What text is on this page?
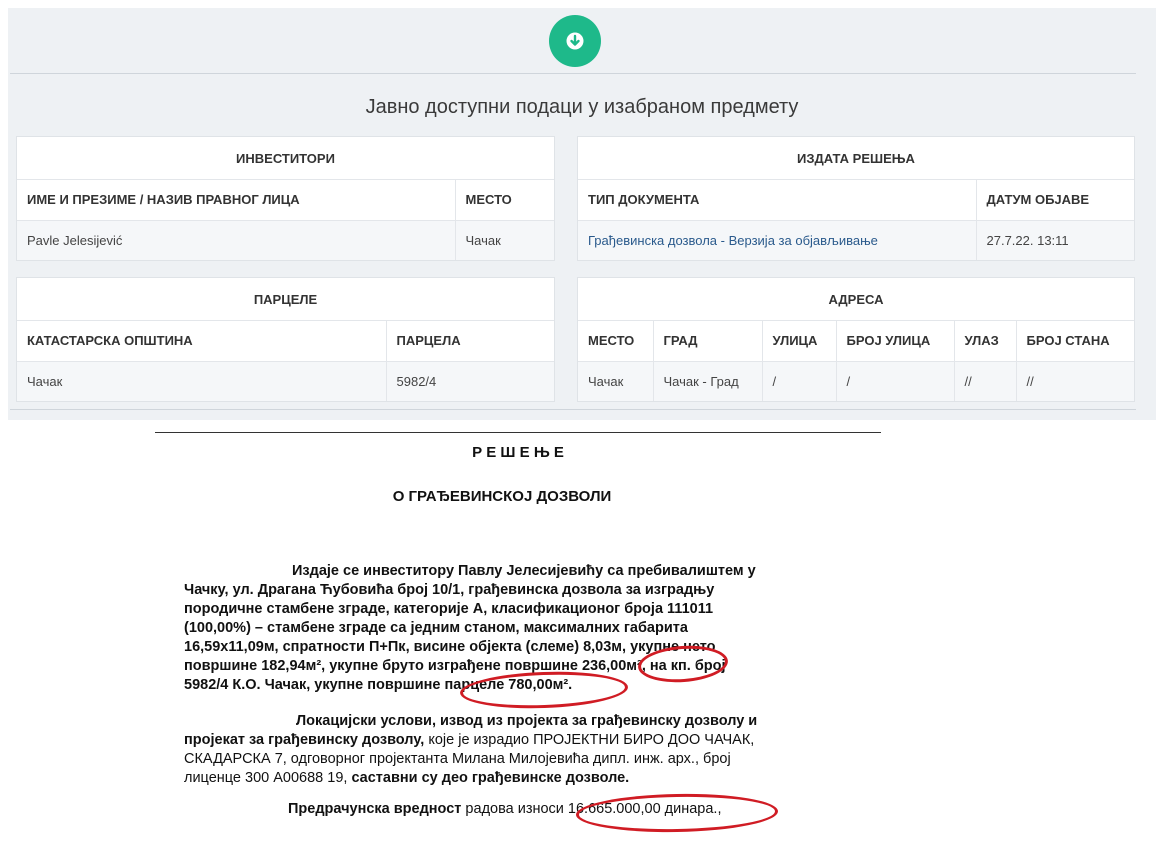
Јавно доступни подаци у изабраном предмету
ИНВЕСТИТОРИ
ИМЕ И ПРЕЗИМЕ / НАЗИВ ПРАВНОГ ЛИЦА	МЕСТО
Pavle Jelesijević	Чачак
ИЗДАТА РЕШЕЊА
ТИП ДОКУМЕНТА	ДАТУМ ОБЈАВЕ
Грађевинска дозвола - Верзија за објављивање	27.7.22. 13:11
ПАРЦЕЛЕ
КАТАСТАРСКА ОПШТИНА	ПАРЦЕЛА
Чачак	5982/4
АДРЕСА
МЕСТО	ГРАД	УЛИЦА	БРОЈ УЛИЦА	УЛАЗ	БРОЈ СТАНА
Чачак	Чачак - Град	/	/	//	//
Р Е Ш Е Њ Е
О ГРАЂЕВИНСКОЈ ДОЗВОЛИ
Издаје се инвеститору Павлу Јелесијевићу са пребивалиштем у
Чачку, ул. Драгана Ћубовића број 10/1, грађевинска дозвола за изградњу
породичне стамбене зграде, категорије А, класификационог броја 111011
(100,00%) – стамбене зграде са једним станом, максималних габарита
16,59x11,09м, спратности П+Пк, висине објекта (слеме) 8,03м, укупне нето
површине 182,94м², укупне бруто изграђене површине 236,00м², на кп. број
5982/4 К.О. Чачак, укупне површине парцеле 780,00м².
Локацијски услови, извод из пројекта за грађевинску дозволу и
пројекат за грађевинску дозволу, које је израдио ПРОЈЕКТНИ БИРО ДОО ЧАЧАК,
СКАДАРСКА 7, одговорног пројектанта Милана Милојевића дипл. инж. арх., број
лиценце 300 А00688 19, саставни су део грађевинске дозволе.
Предрачунска вредност радова износи 16.665.000,00 динара.,
